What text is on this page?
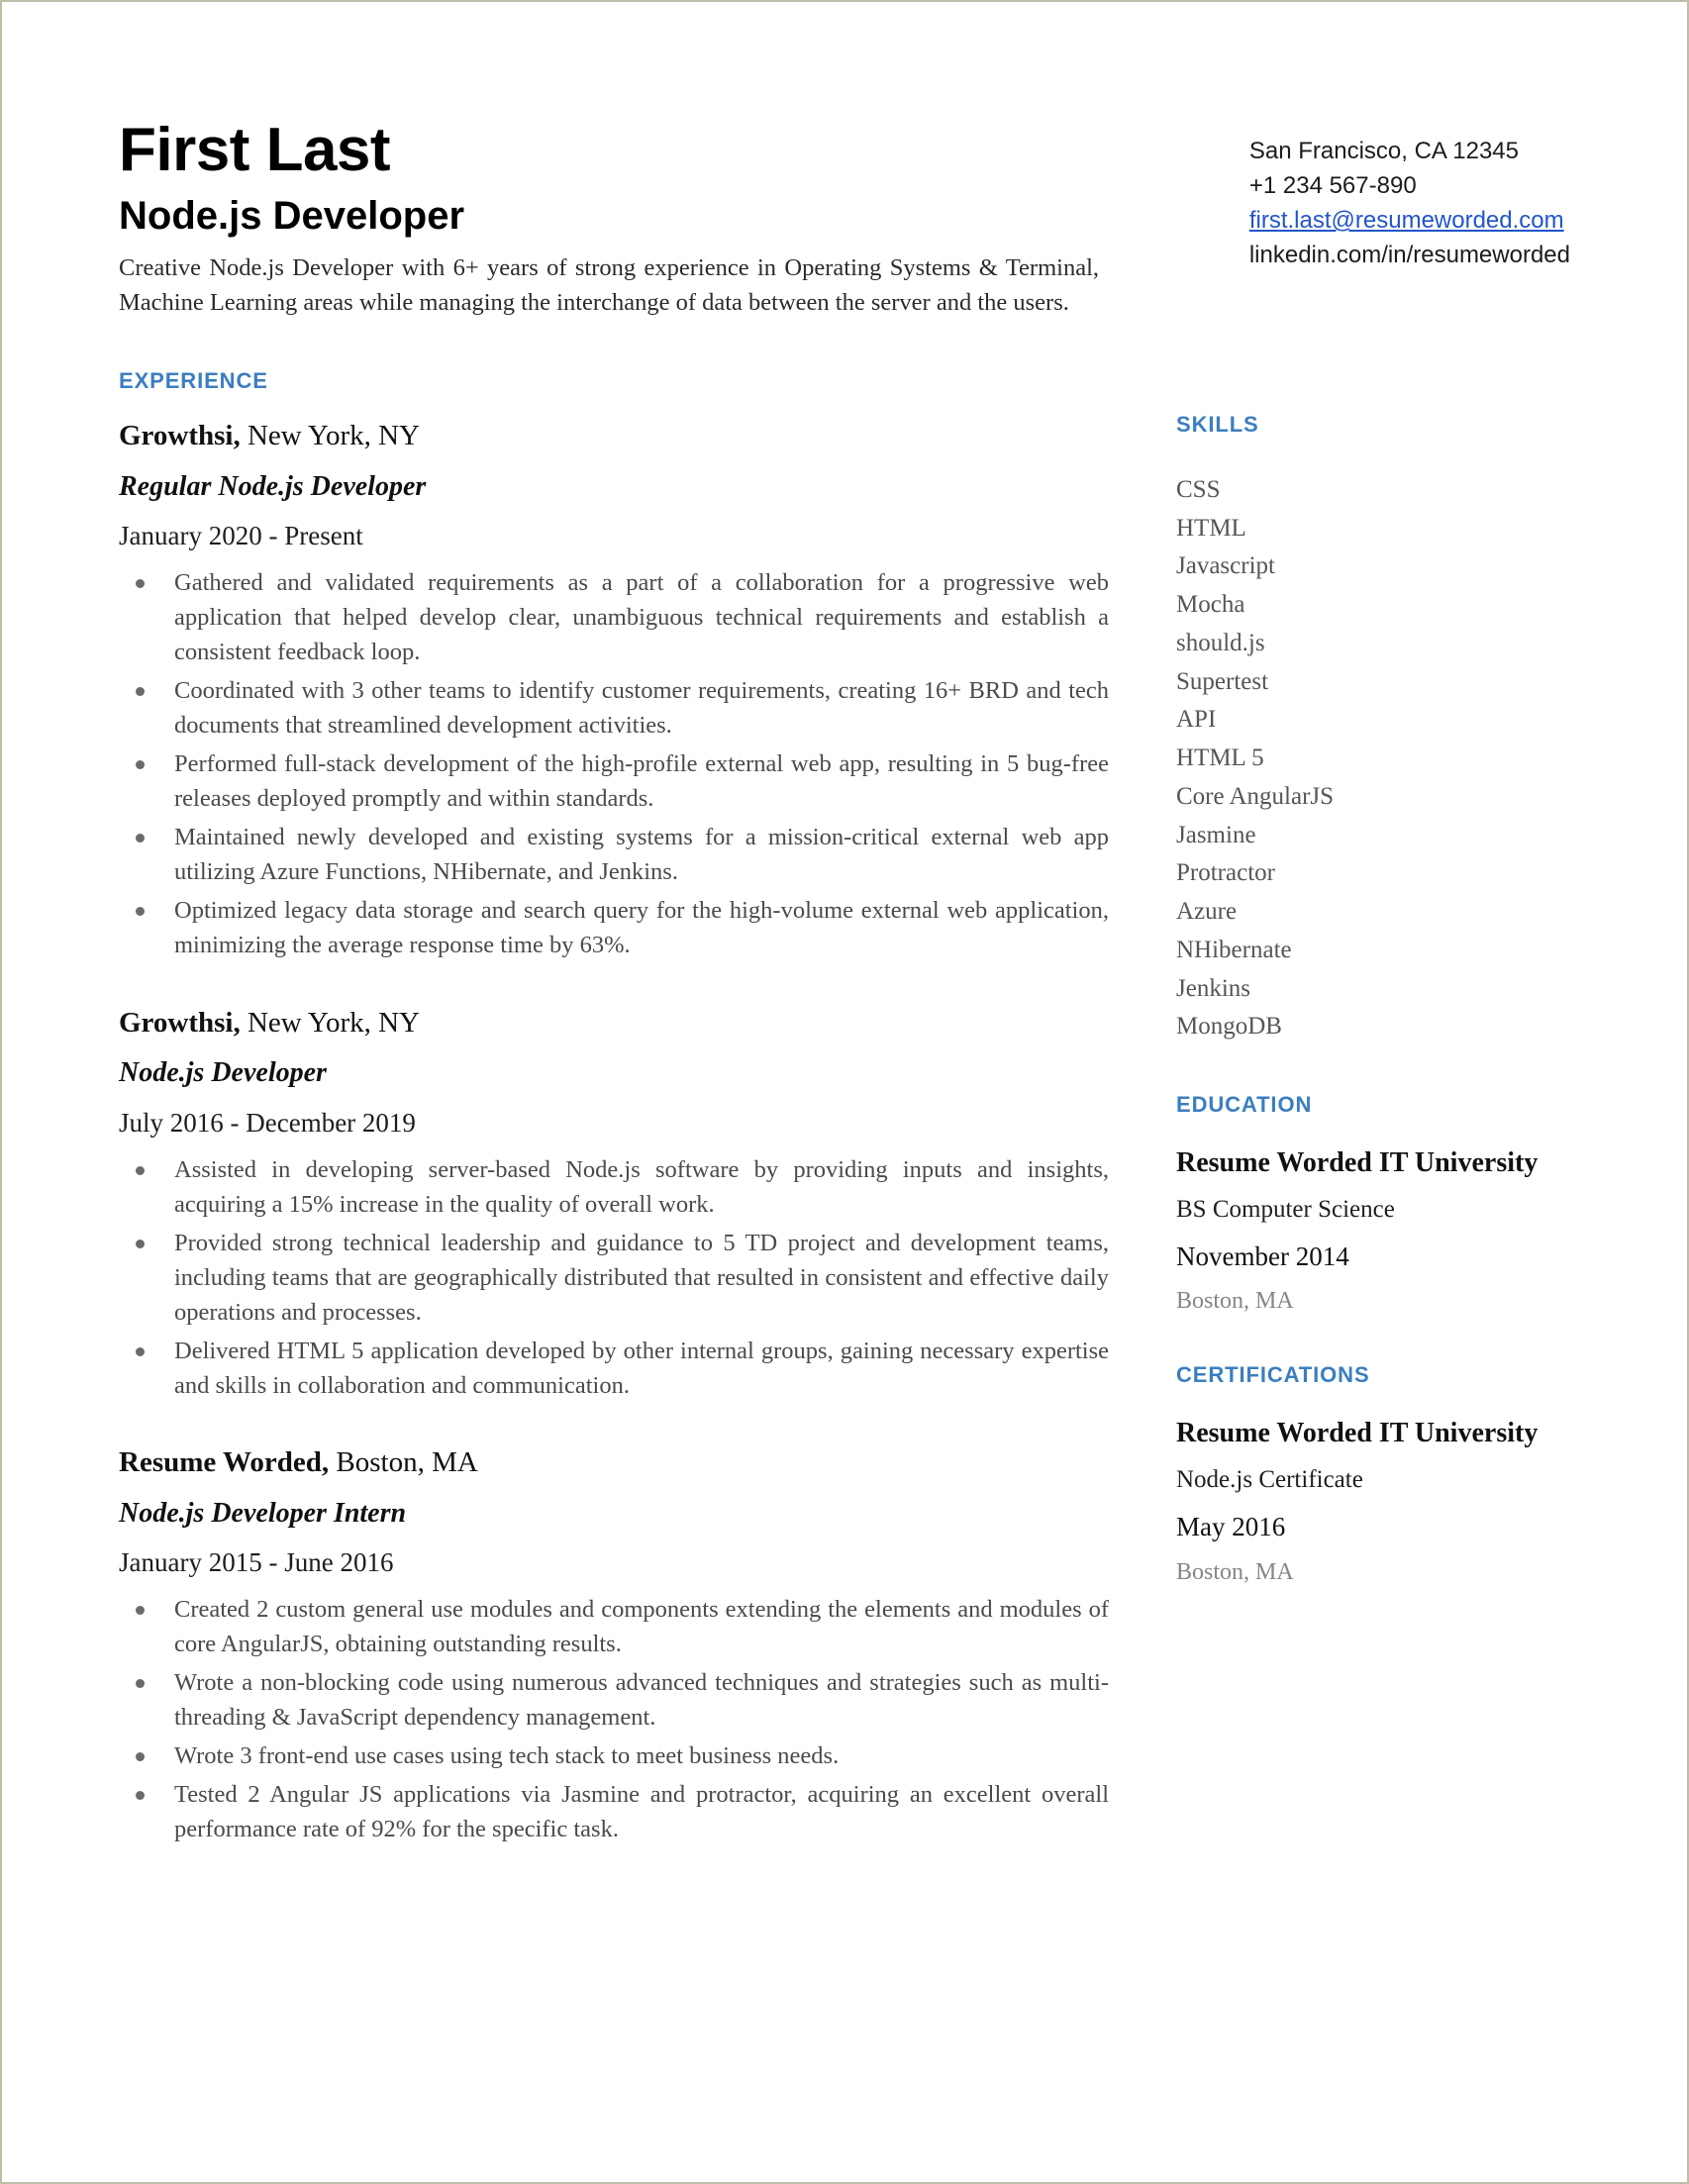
First Last
Node.js Developer

Creative Node.js Developer with 6+ years of strong experience in Operating Systems & Terminal, Machine Learning areas while managing the interchange of data between the server and the users.

San Francisco, CA 12345
+1 234 567-890
first.last@resumeworded.com
linkedin.com/in/resumeworded
EXPERIENCE

Growthsi, New York, NY

Regular Node.js Developer

January 2020 - Present

Gathered and validated requirements as a part of a collaboration for a progressive web application that helped develop clear, unambiguous technical requirements and establish a consistent feedback loop.
Coordinated with 3 other teams to identify customer requirements, creating 16+ BRD and tech documents that streamlined development activities.
Performed full-stack development of the high-profile external web app, resulting in 5 bug-free releases deployed promptly and within standards.
Maintained newly developed and existing systems for a mission-critical external web app utilizing Azure Functions, NHibernate, and Jenkins.
Optimized legacy data storage and search query for the high-volume external web application, minimizing the average response time by 63%.

Growthsi, New York, NY

Node.js Developer

July 2016 - December 2019

Assisted in developing server-based Node.js software by providing inputs and insights, acquiring a 15% increase in the quality of overall work.
Provided strong technical leadership and guidance to 5 TD project and development teams, including teams that are geographically distributed that resulted in consistent and effective daily operations and processes.
Delivered HTML 5 application developed by other internal groups, gaining necessary expertise and skills in collaboration and communication.

Resume Worded, Boston, MA

Node.js Developer Intern

January 2015 - June 2016

Created 2 custom general use modules and components extending the elements and modules of core AngularJS, obtaining outstanding results.
Wrote a non-blocking code using numerous advanced techniques and strategies such as multi-threading & JavaScript dependency management.
Wrote 3 front-end use cases using tech stack to meet business needs.
Tested 2 Angular JS applications via Jasmine and protractor, acquiring an excellent overall performance rate of 92% for the specific task.
SKILLS
CSS
HTML
Javascript
Mocha
should.js
Supertest
API
HTML 5
Core AngularJS
Jasmine
Protractor
Azure
NHibernate
Jenkins
MongoDB
EDUCATION

Resume Worded IT University

BS Computer Science

November 2014

Boston, MA

CERTIFICATIONS

Resume Worded IT University

Node.js Certificate

May 2016

Boston, MA
